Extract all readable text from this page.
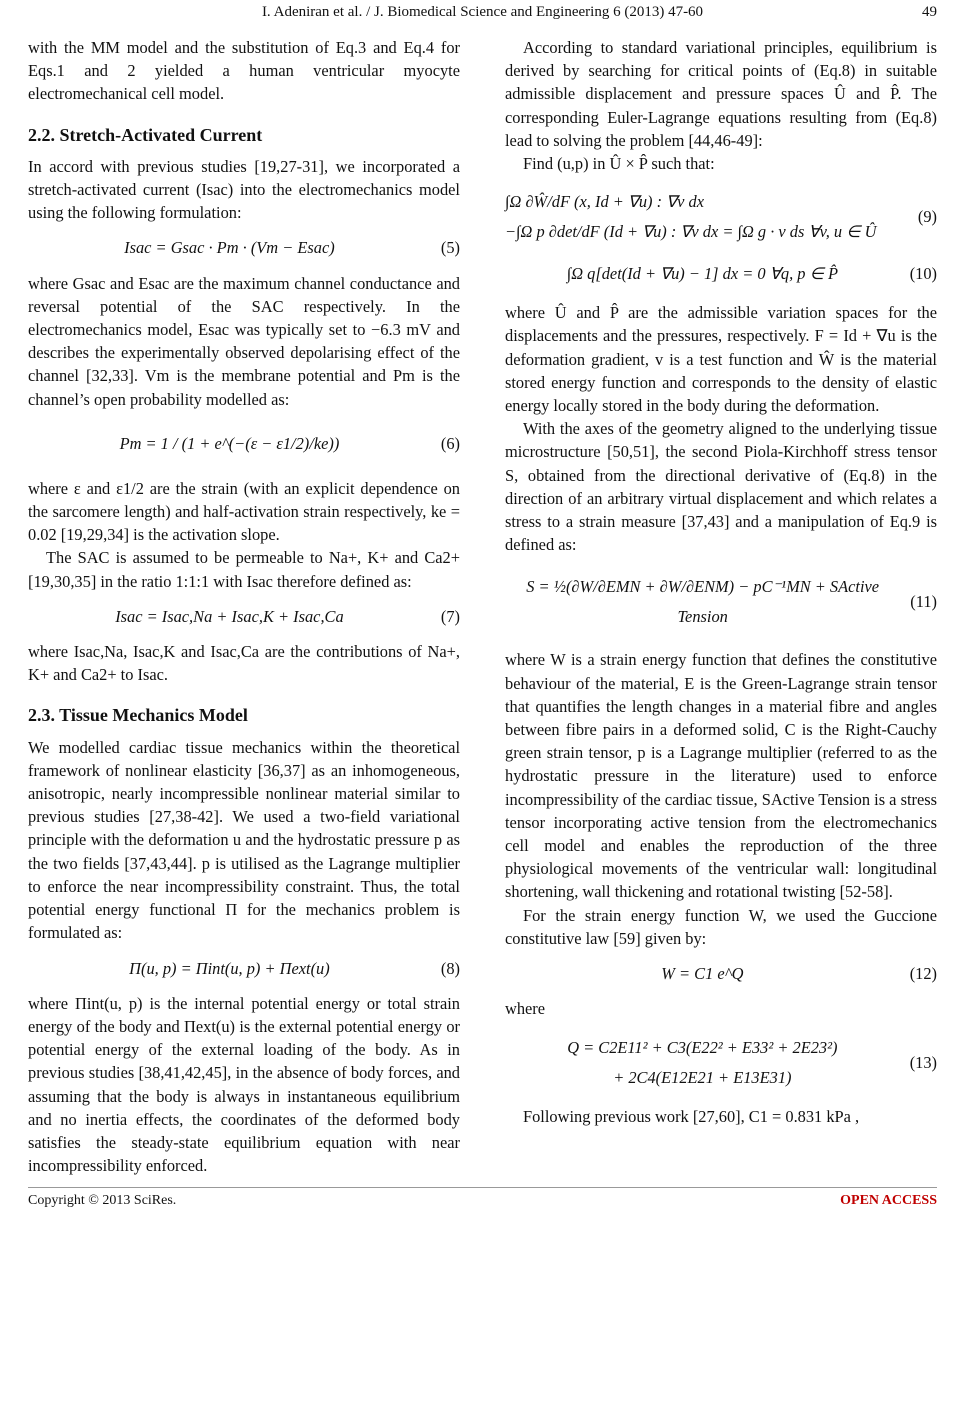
I. Adeniran et al. / J. Biomedical Science and Engineering 6 (2013) 47-60	49

with the MM model and the substitution of Eq.3 and Eq.4 for Eqs.1 and 2 yielded a human ventricular myocyte electromechanical cell model.

2.2. Stretch-Activated Current

In accord with previous studies [19,27-31], we incorporated a stretch-activated current (Isac) into the electromechanics model using the following formulation:

Isac = Gsac · Pm · (Vm − Esac)	(5)

where Gsac and Esac are the maximum channel conductance and reversal potential of the SAC respectively. In the electromechanics model, Esac was typically set to −6.3 mV and describes the experimentally observed depolarising effect of the channel [32,33]. Vm is the membrane potential and Pm is the channel’s open probability modelled as:

Pm = 1 / (1 + e^(−(ε − ε1/2)/ke))	(6)

where ε and ε1/2 are the strain (with an explicit dependence on the sarcomere length) and half-activation strain respectively, ke = 0.02 [19,29,34] is the activation slope.

The SAC is assumed to be permeable to Na+, K+ and Ca2+ [19,30,35] in the ratio 1:1:1 with Isac therefore defined as:

Isac = Isac,Na + Isac,K + Isac,Ca	(7)

where Isac,Na, Isac,K and Isac,Ca are the contributions of Na+, K+ and Ca2+ to Isac.

2.3. Tissue Mechanics Model

We modelled cardiac tissue mechanics within the theoretical framework of nonlinear elasticity [36,37] as an inhomogeneous, anisotropic, nearly incompressible nonlinear material similar to previous studies [27,38-42]. We used a two-field variational principle with the deformation u and the hydrostatic pressure p as the two fields [37,43,44]. p is utilised as the Lagrange multiplier to enforce the near incompressibility constraint. Thus, the total potential energy functional Π for the mechanics problem is formulated as:

Π(u, p) = Πint(u, p) + Πext(u)	(8)

where Πint(u, p) is the internal potential energy or total strain energy of the body and Πext(u) is the external potential energy or potential energy of the external loading of the body. As in previous studies [38,41,42,45], in the absence of body forces, and assuming that the body is always in instantaneous equilibrium and no inertia effects, the coordinates of the deformed body satisfies the steady-state equilibrium equation with near incompressibility enforced.

According to standard variational principles, equilibrium is derived by searching for critical points of (Eq.8) in suitable admissible displacement and pressure spaces Û and P̂. The corresponding Euler-Lagrange equations resulting from (Eq.8) lead to solving the problem [44,46-49]:

Find (u,p) in Û × P̂ such that:

∫Ω ∂Ŵ/dF (x, Id + ∇u) : ∇v dx
−∫Ω p ∂det/dF (Id + ∇u) : ∇v dx = ∫Ω g · v ds ∀v, u ∈ Û
(9)
∫Ω q[det(Id + ∇u) − 1] dx = 0 ∀q, p ∈ P̂	(10)

where Û and P̂ are the admissible variation spaces for the displacements and the pressures, respectively. F = Id + ∇u is the deformation gradient, v is a test function and Ŵ is the material stored energy function and corresponds to the density of elastic energy locally stored in the body during the deformation.

With the axes of the geometry aligned to the underlying tissue microstructure [50,51], the second Piola-Kirchhoff stress tensor S, obtained from the directional derivative of (Eq.8) in the direction of an arbitrary virtual displacement and which relates a stress to a strain measure [37,43] and a manipulation of Eq.9 is defined as:

S = ½(∂W/∂EMN + ∂W/∂ENM) − pC⁻¹MN + SActive Tension
(11)

where W is a strain energy function that defines the constitutive behaviour of the material, E is the Green-Lagrange strain tensor that quantifies the length changes in a material fibre and angles between fibre pairs in a deformed solid, C is the Right-Cauchy green strain tensor, p is a Lagrange multiplier (referred to as the hydrostatic pressure in the literature) used to enforce incompressibility of the cardiac tissue, SActive Tension is a stress tensor incorporating active tension from the electromechanics cell model and enables the reproduction of the three physiological movements of the ventricular wall: longitudinal shortening, wall thickening and rotational twisting [52-58].

For the strain energy function W, we used the Guccione constitutive law [59] given by:

W = C1 e^Q	(12)

where

Q = C2E11² + C3(E22² + E33² + 2E23²)
+ 2C4(E12E21 + E13E31)
(13)

Following previous work [27,60], C1 = 0.831 kPa ,

Copyright © 2013 SciRes.	OPEN ACCESS
